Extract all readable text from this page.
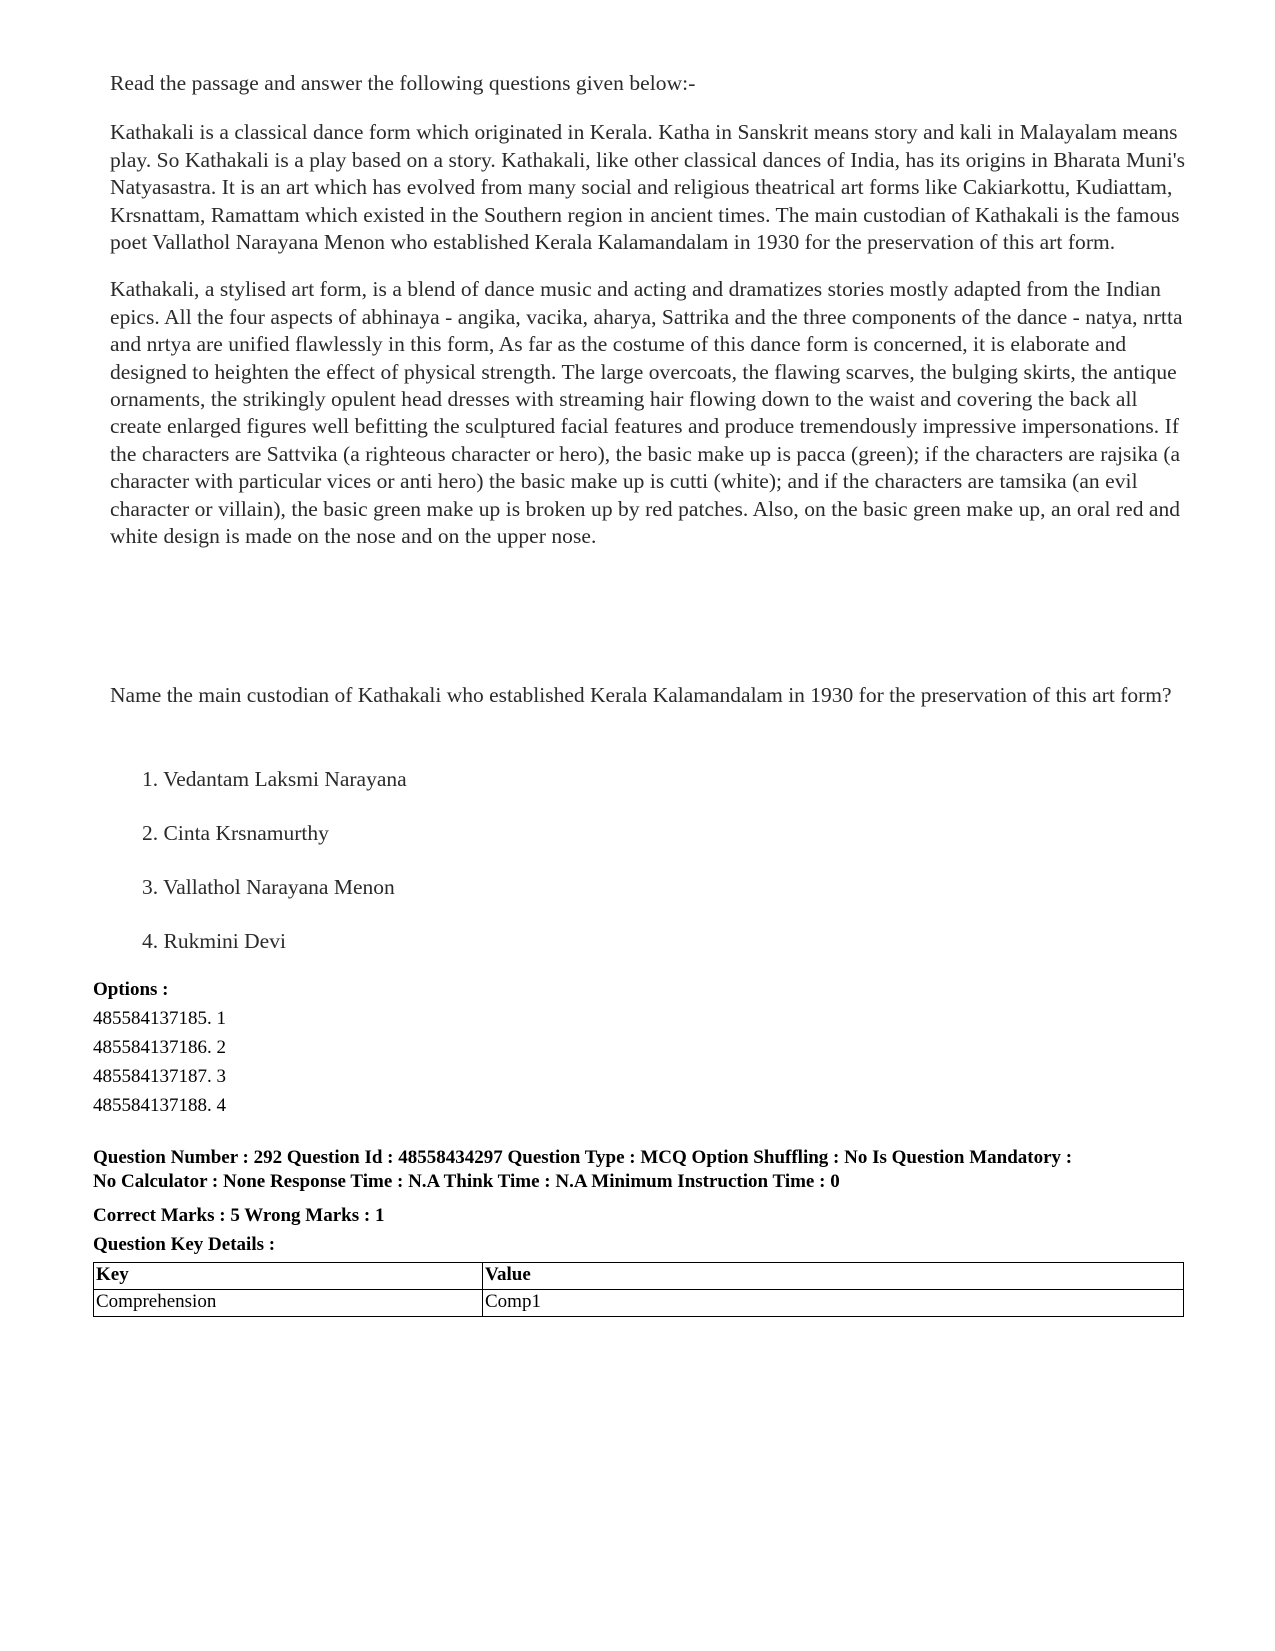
Read the passage and answer the following questions given below:-

Kathakali is a classical dance form which originated in Kerala. Katha in Sanskrit means story and kali in Malayalam means play. So Kathakali is a play based on a story. Kathakali, like other classical dances of India, has its origins in Bharata Muni's Natyasastra. It is an art which has evolved from many social and religious theatrical art forms like Cakiarkottu, Kudiattam, Krsnattam, Ramattam which existed in the Southern region in ancient times. The main custodian of Kathakali is the famous poet Vallathol Narayana Menon who established Kerala Kalamandalam in 1930 for the preservation of this art form.

Kathakali, a stylised art form, is a blend of dance music and acting and dramatizes stories mostly adapted from the Indian epics. All the four aspects of abhinaya - angika, vacika, aharya, Sattrika and the three components of the dance - natya, nrtta and nrtya are unified flawlessly in this form, As far as the costume of this dance form is concerned, it is elaborate and designed to heighten the effect of physical strength. The large overcoats, the flawing scarves, the bulging skirts, the antique ornaments, the strikingly opulent head dresses with streaming hair flowing down to the waist and covering the back all create enlarged figures well befitting the sculptured facial features and produce tremendously impressive impersonations. If the characters are Sattvika (a righteous character or hero), the basic make up is pacca (green); if the characters are rajsika (a character with particular vices or anti hero) the basic make up is cutti (white); and if the characters are tamsika (an evil character or villain), the basic green make up is broken up by red patches. Also, on the basic green make up, an oral red and white design is made on the nose and on the upper nose.

Name the main custodian of Kathakali who established Kerala Kalamandalam in 1930 for the preservation of this art form?
1. Vedantam Laksmi Narayana
2. Cinta Krsnamurthy
3. Vallathol Narayana Menon
4. Rukmini Devi
Options :
485584137185. 1
485584137186. 2
485584137187. 3
485584137188. 4

Question Number : 292 Question Id : 48558434297 Question Type : MCQ Option Shuffling : No Is Question Mandatory :

No Calculator : None Response Time : N.A Think Time : N.A Minimum Instruction Time : 0

Correct Marks : 5 Wrong Marks : 1
Question Key Details :
Key	Value
Comprehension	Comp1
